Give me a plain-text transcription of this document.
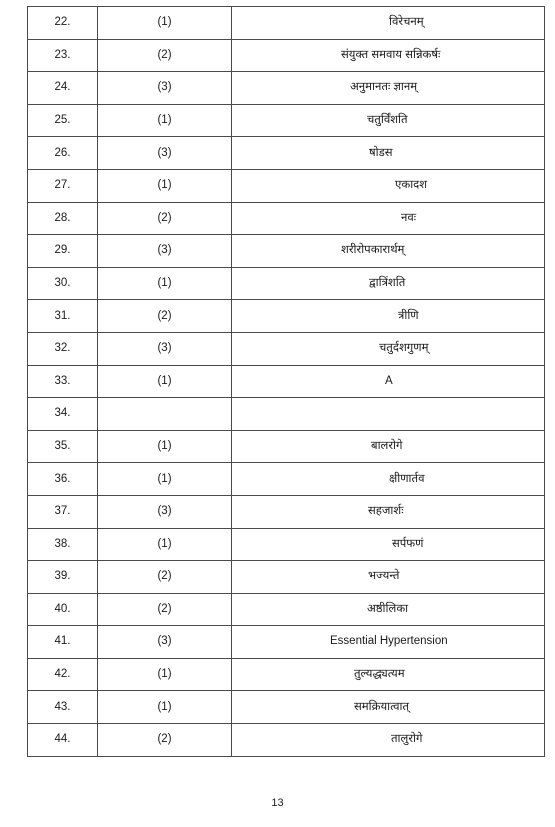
22.	(1)	विरेचनम्
23.	(2)	संयुक्त समवाय सन्निकर्षः
24.	(3)	अनुमानतः ज्ञानम्
25.	(1)	चतुर्विंशति
26.	(3)	षोडस
27.	(1)	एकादश
28.	(2)	नवः
29.	(3)	शरीरोपकारार्थम्
30.	(1)	द्वात्रिंशति
31.	(2)	त्रीणि
32.	(3)	चतुर्दशगुणम्
33.	(1)	A
34.		
35.	(1)	बालरोगे
36.	(1)	क्षीणार्तव
37.	(3)	सहजार्शः
38.	(1)	सर्पफणं
39.	(2)	भज्यन्ते
40.	(2)	अष्ठीलिका
41.	(3)	Essential Hypertension
42.	(1)	तुल्यद्ध्यत्यम
43.	(1)	समक्रियात्वात्
44.	(2)	तालुरोगे
13
